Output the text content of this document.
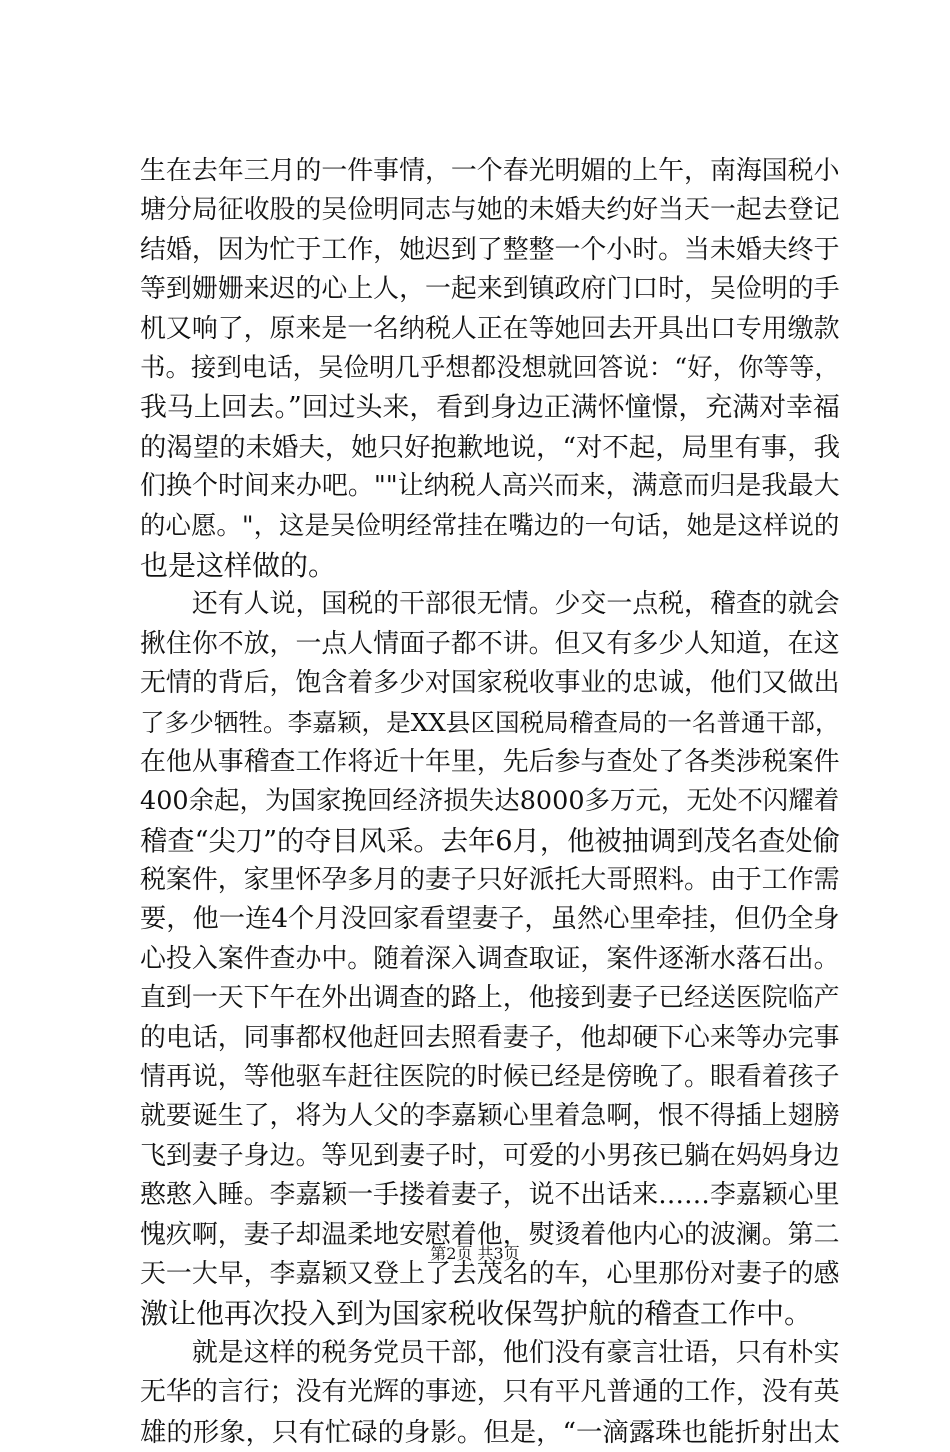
生在去年三月的一件事情，一个春光明媚的上午，南海国税小
塘分局征收股的吴俭明同志与她的未婚夫约好当天一起去登记
结婚，因为忙于工作，她迟到了整整一个小时。当未婚夫终于
等到姗姗来迟的心上人，一起来到镇政府门口时，吴俭明的手
机又响了，原来是一名纳税人正在等她回去开具出口专用缴款
书。接到电话，吴俭明几乎想都没想就回答说：“好，你等等，
我马上回去。”回过头来，看到身边正满怀憧憬，充满对幸福
的渴望的未婚夫，她只好抱歉地说，“对不起，局里有事，我
们换个时间来办吧。""让纳税人高兴而来，满意而归是我最大
的心愿。"，这是吴俭明经常挂在嘴边的一句话，她是这样说的
也是这样做的。
　　还有人说，国税的干部很无情。少交一点税，稽查的就会
揪住你不放，一点人情面子都不讲。但又有多少人知道，在这
无情的背后，饱含着多少对国家税收事业的忠诚，他们又做出
了多少牺牲。李嘉颖，是XX县区国税局稽查局的一名普通干部，
在他从事稽查工作将近十年里，先后参与查处了各类涉税案件
400余起，为国家挽回经济损失达8000多万元，无处不闪耀着
稽查“尖刀”的夺目风采。去年6月，他被抽调到茂名查处偷
税案件，家里怀孕多月的妻子只好派托大哥照料。由于工作需
要，他一连4个月没回家看望妻子，虽然心里牵挂，但仍全身
心投入案件查办中。随着深入调查取证，案件逐渐水落石出。
直到一天下午在外出调查的路上，他接到妻子已经送医院临产
的电话，同事都权他赶回去照看妻子，他却硬下心来等办完事
情再说，等他驱车赶往医院的时候已经是傍晚了。眼看着孩子
就要诞生了，将为人父的李嘉颖心里着急啊，恨不得插上翅膀
飞到妻子身边。等见到妻子时，可爱的小男孩已躺在妈妈身边
憨憨入睡。李嘉颖一手搂着妻子，说不出话来……李嘉颖心里
愧疚啊，妻子却温柔地安慰着他，熨烫着他内心的波澜。第二
天一大早，李嘉颖又登上了去茂名的车，心里那份对妻子的感
激让他再次投入到为国家税收保驾护航的稽查工作中。
　　就是这样的税务党员干部，他们没有豪言壮语，只有朴实
无华的言行；没有光辉的事迹，只有平凡普通的工作，没有英
雄的形象，只有忙碌的身影。但是，“一滴露珠也能折射出太
第2页 共3页
